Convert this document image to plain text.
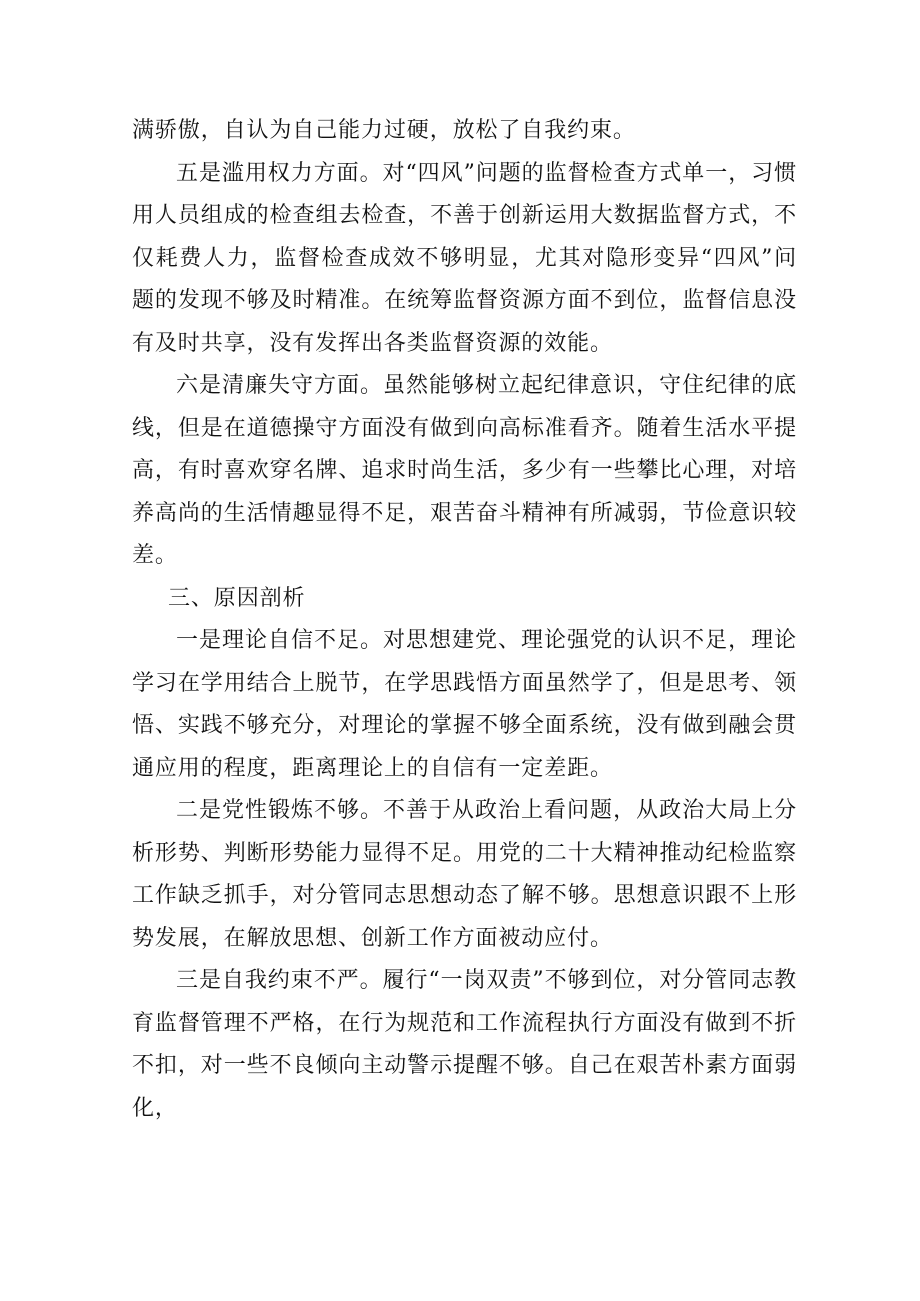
满骄傲，自认为自己能力过硬，放松了自我约束。

五是滥用权力方面。对“四风”问题的监督检查方式单一，习惯用人员组成的检查组去检查，不善于创新运用大数据监督方式，不仅耗费人力，监督检查成效不够明显，尤其对隐形变异“四风”问题的发现不够及时精准。在统筹监督资源方面不到位，监督信息没有及时共享，没有发挥出各类监督资源的效能。

六是清廉失守方面。虽然能够树立起纪律意识，守住纪律的底线，但是在道德操守方面没有做到向高标准看齐。随着生活水平提高，有时喜欢穿名牌、追求时尚生活，多少有一些攀比心理，对培养高尚的生活情趣显得不足，艰苦奋斗精神有所减弱，节俭意识较差。

三、原因剖析

一是理论自信不足。对思想建党、理论强党的认识不足，理论学习在学用结合上脱节，在学思践悟方面虽然学了，但是思考、领悟、实践不够充分，对理论的掌握不够全面系统，没有做到融会贯通应用的程度，距离理论上的自信有一定差距。

二是党性锻炼不够。不善于从政治上看问题，从政治大局上分析形势、判断形势能力显得不足。用党的二十大精神推动纪检监察工作缺乏抓手，对分管同志思想动态了解不够。思想意识跟不上形势发展，在解放思想、创新工作方面被动应付。

三是自我约束不严。履行“一岗双责”不够到位，对分管同志教育监督管理不严格，在行为规范和工作流程执行方面没有做到不折不扣，对一些不良倾向主动警示提醒不够。自己在艰苦朴素方面弱化，
